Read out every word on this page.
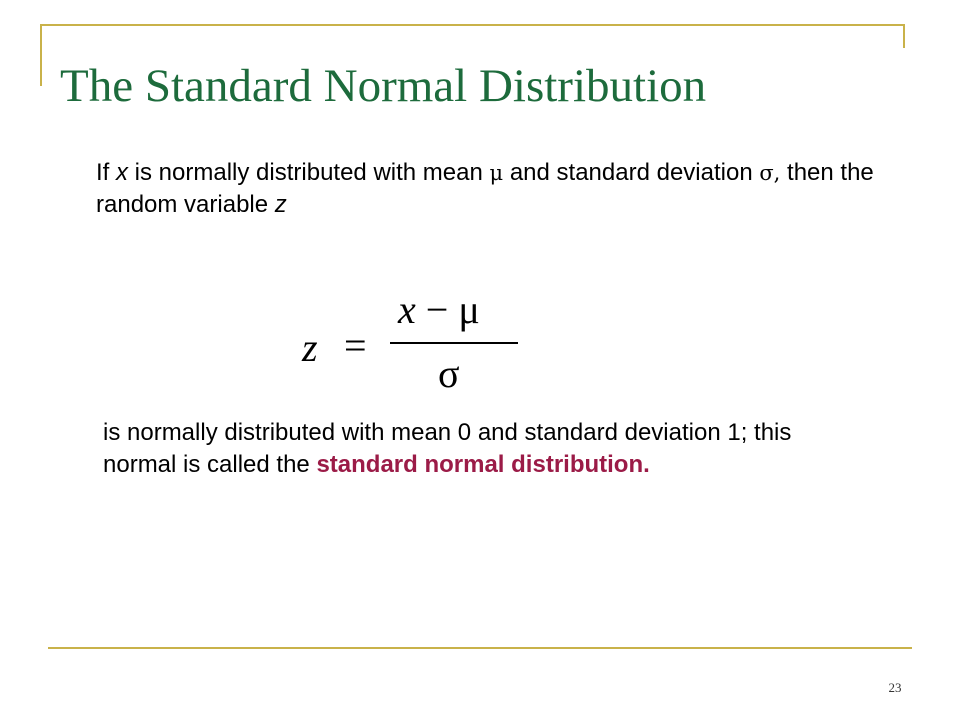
The Standard Normal Distribution
If x is normally distributed with mean μ and standard deviation σ, then the random variable z
z =
x − μ
σ
is normally distributed with mean 0 and standard deviation 1; this normal is called the standard normal distribution.
23
